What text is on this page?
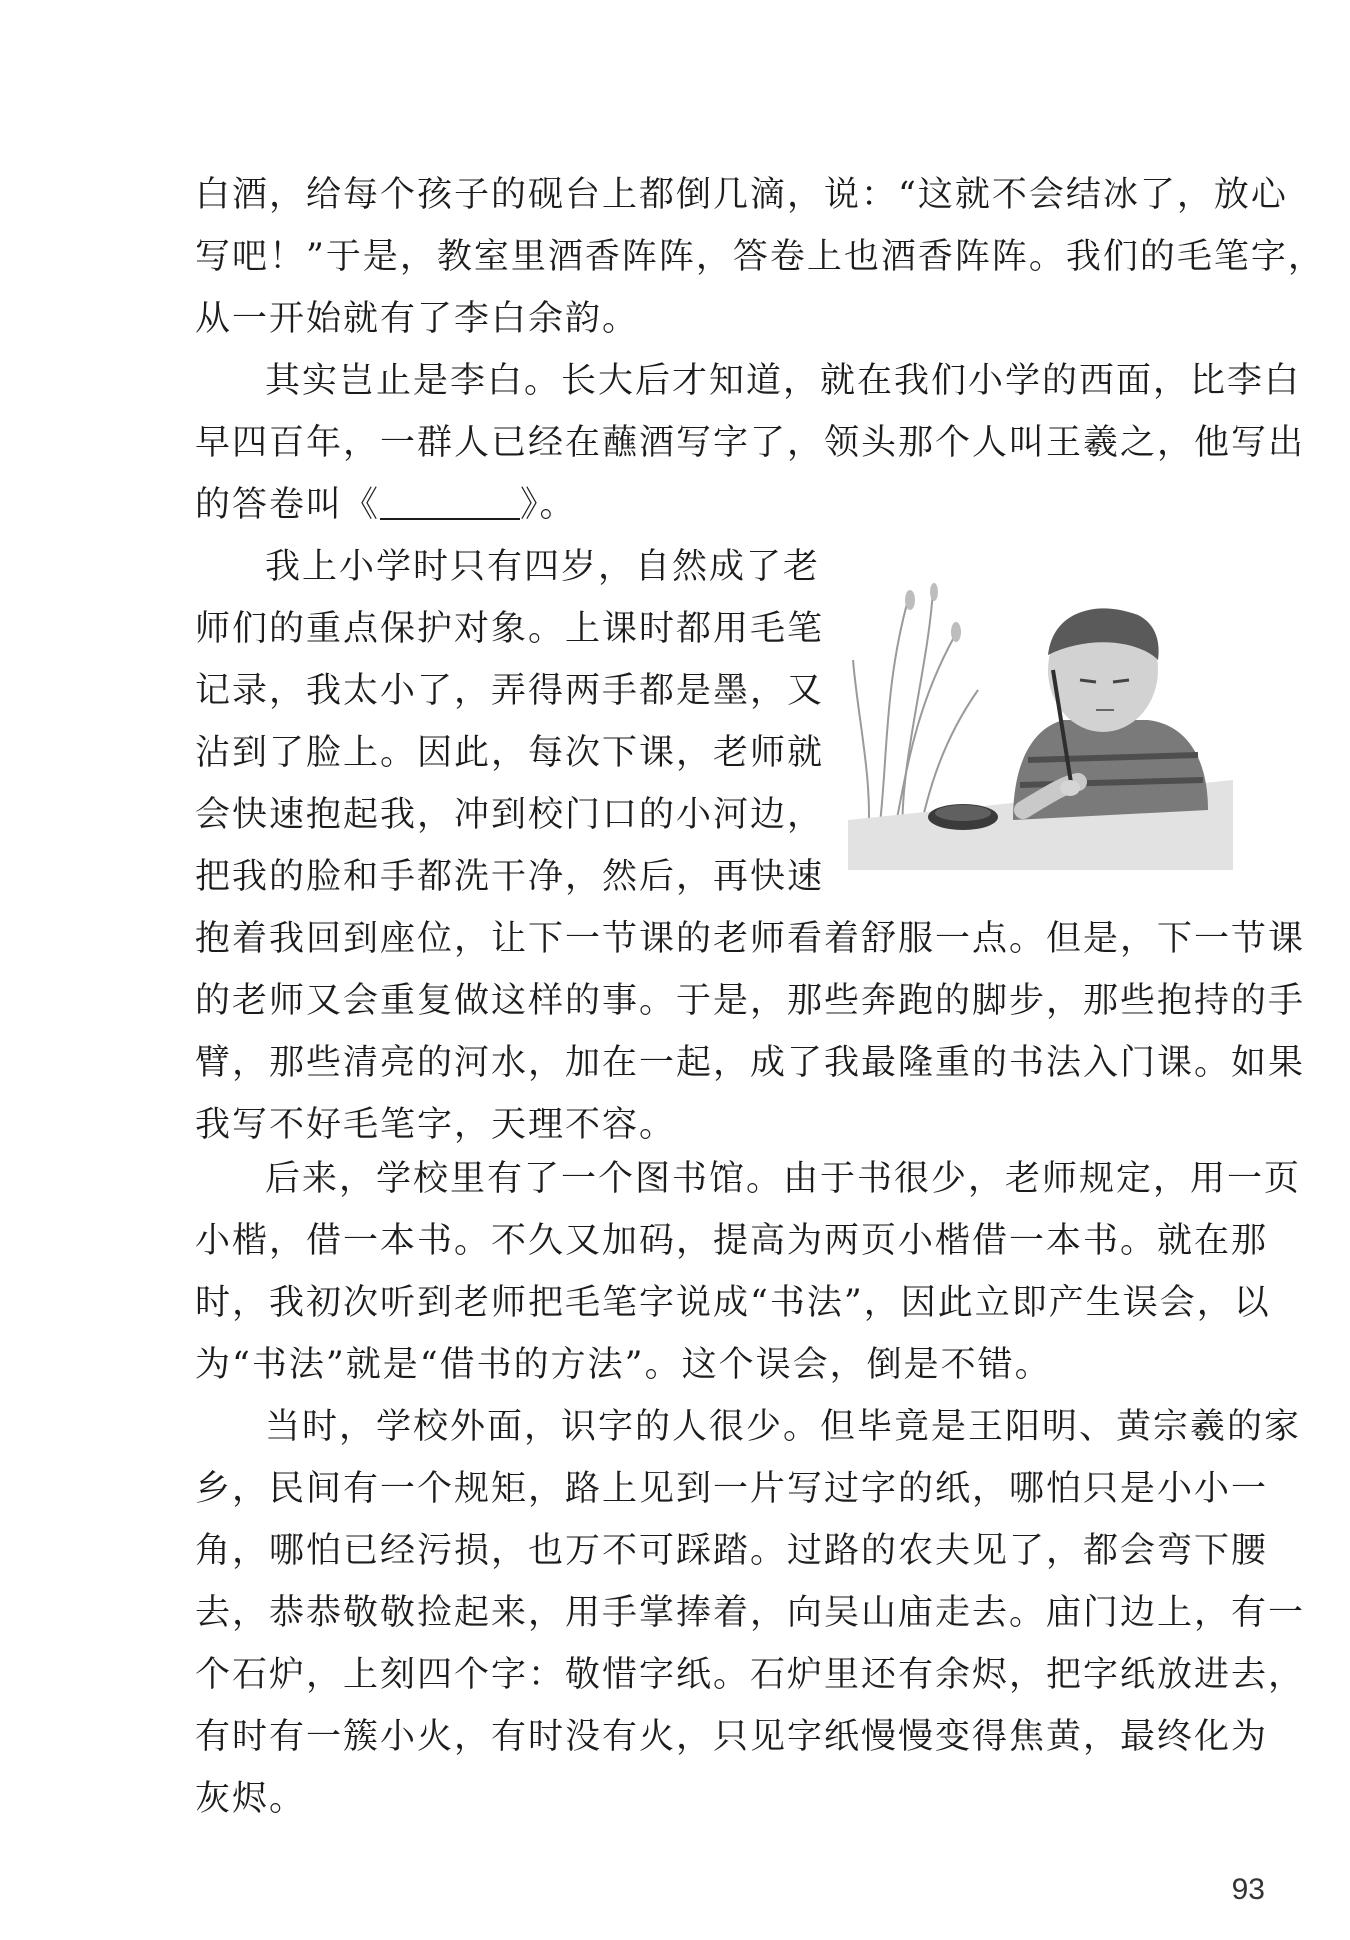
白酒，给每个孩子的砚台上都倒几滴，说：“这就不会结冰了，放心
写吧！”于是，教室里酒香阵阵，答卷上也酒香阵阵。我们的毛笔字，
从一开始就有了李白余韵。

其实岂止是李白。长大后才知道，就在我们小学的西面，比李白
早四百年，一群人已经在蘸酒写字了，领头那个人叫王羲之，他写出
的答卷叫《	》。

我上小学时只有四岁，自然成了老
师们的重点保护对象。上课时都用毛笔
记录，我太小了，弄得两手都是墨，又
沾到了脸上。因此，每次下课，老师就
会快速抱起我，冲到校门口的小河边，
把我的脸和手都洗干净，然后，再快速

抱着我回到座位，让下一节课的老师看着舒服一点。但是，下一节课
的老师又会重复做这样的事。于是，那些奔跑的脚步，那些抱持的手
臂，那些清亮的河水，加在一起，成了我最隆重的书法入门课。如果
我写不好毛笔字，天理不容。

后来，学校里有了一个图书馆。由于书很少，老师规定，用一页
小楷，借一本书。不久又加码，提高为两页小楷借一本书。就在那
时，我初次听到老师把毛笔字说成“书法”，因此立即产生误会，以
为“书法”就是“借书的方法”。这个误会，倒是不错。

当时，学校外面，识字的人很少。但毕竟是王阳明、黄宗羲的家
乡，民间有一个规矩，路上见到一片写过字的纸，哪怕只是小小一
角，哪怕已经污损，也万不可踩踏。过路的农夫见了，都会弯下腰
去，恭恭敬敬捡起来，用手掌捧着，向吴山庙走去。庙门边上，有一
个石炉，上刻四个字：敬惜字纸。石炉里还有余烬，把字纸放进去，
有时有一簇小火，有时没有火，只见字纸慢慢变得焦黄，最终化为
灰烬。

93
